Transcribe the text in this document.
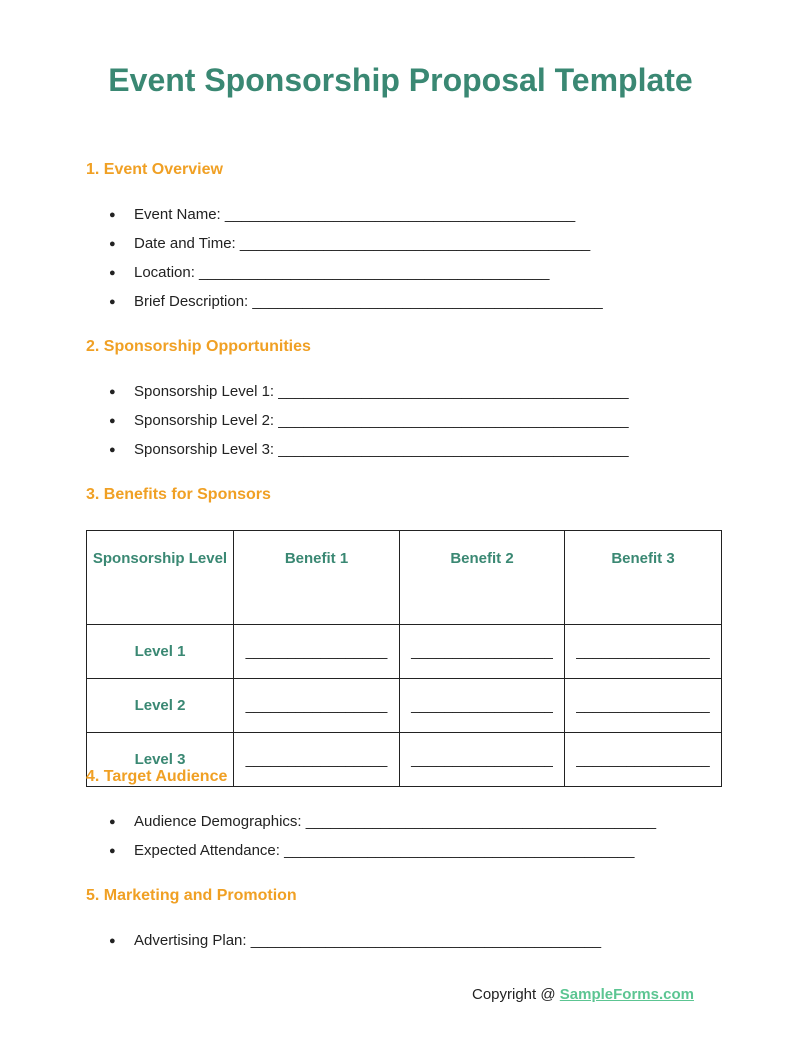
Event Sponsorship Proposal Template
1. Event Overview
● Event Name: __________________________________________
● Date and Time: __________________________________________
● Location: __________________________________________
● Brief Description: __________________________________________
2. Sponsorship Opportunities
● Sponsorship Level 1: __________________________________________
● Sponsorship Level 2: __________________________________________
● Sponsorship Level 3: __________________________________________
3. Benefits for Sponsors
Sponsorship Level	Benefit 1	Benefit 2	Benefit 3
Level 1	_________________	_________________	________________
Level 2	_________________	_________________	________________
Level 3	_________________	_________________	________________
4. Target Audience
● Audience Demographics: __________________________________________
● Expected Attendance: __________________________________________
5. Marketing and Promotion
● Advertising Plan: __________________________________________
Copyright @ SampleForms.com
